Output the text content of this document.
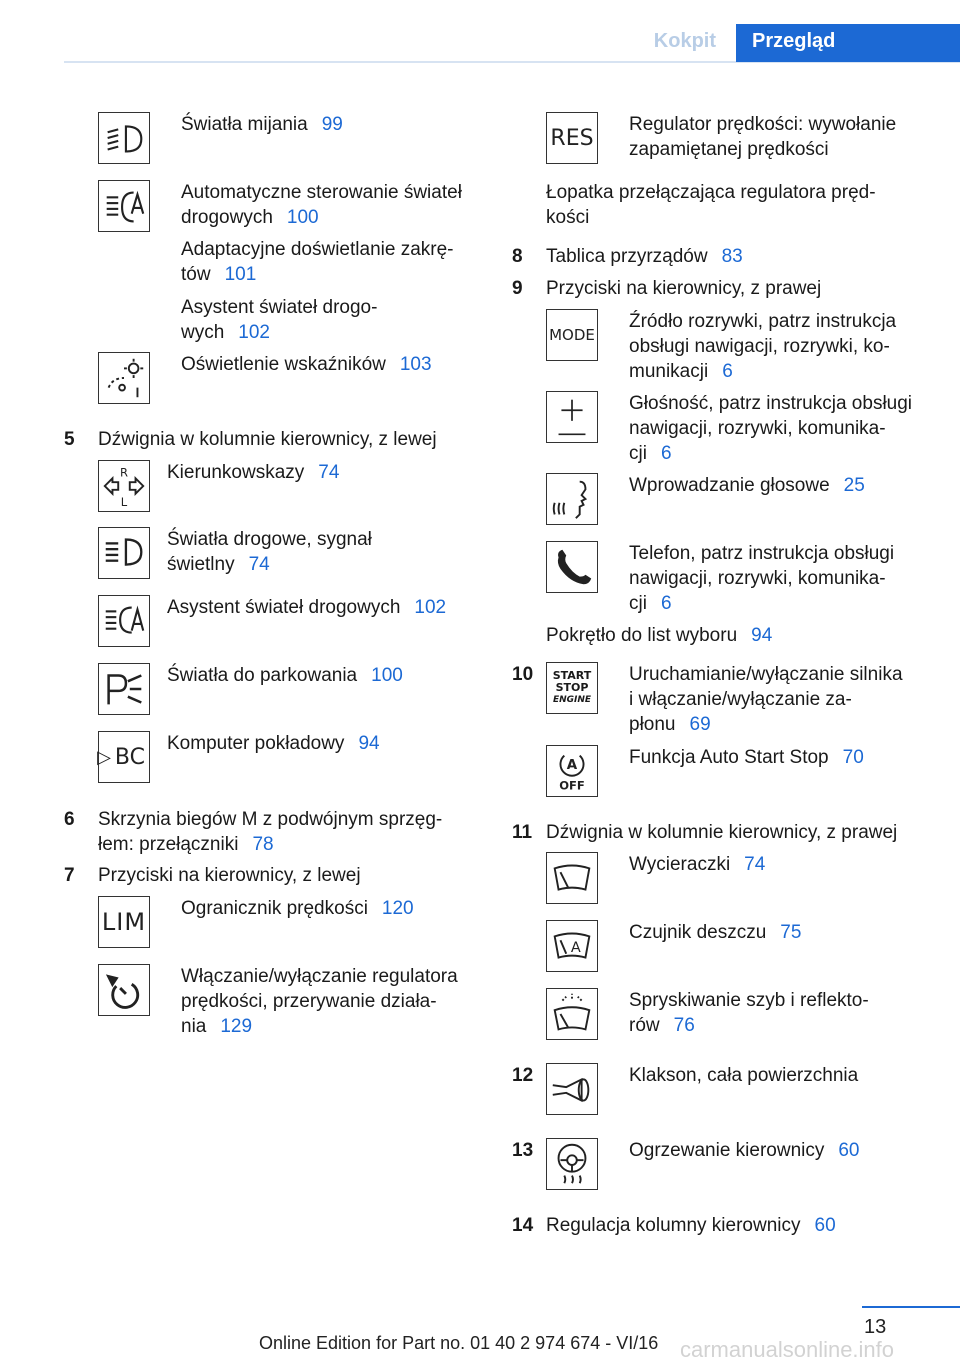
Kokpit	Przegląd
Światła mijania 99
Automatyczne sterowanie świateł
drogowych 100
Adaptacyjne doświetlanie zakrę-
tów 101
Asystent świateł drogo-
wych 102
Oświetlenie wskaźników 103
5 Dźwignia w kolumnie kierownicy, z lewej
R
L
Kierunkowskazy 74
Światła drogowe, sygnał
świetlny 74
Asystent świateł drogowych 102
Światła do parkowania 100
▷ BC
Komputer pokładowy 94
6 Skrzynia biegów M z podwójnym sprzęg-
łem: przełączniki 78
7 Przyciski na kierownicy, z lewej
LIM Ogranicznik prędkości 120
Włączanie/wyłączanie regulatora
prędkości, przerywanie działa-
nia 129
RES
Regulator prędkości: wywołanie
zapamiętanej prędkości
Łopatka przełączająca regulatora pręd-
kości
8 Tablica przyrządów 83
9 Przyciski na kierownicy, z prawej
MODE
Źródło rozrywki, patrz instrukcja
obsługi nawigacji, rozrywki, ko-
munikacji 6
Głośność, patrz instrukcja obsługi
nawigacji, rozrywki, komunika-
cji 6
Wprowadzanie głosowe 25
Telefon, patrz instrukcja obsługi
nawigacji, rozrywki, komunika-
cji 6
Pokrętło do list wyboru 94
10 START
STOP
ENGINE
Uruchamianie/wyłączanie silnika
i włączanie/wyłączanie za-
płonu 69
A
OFF
Funkcja Auto Start Stop 70
11 Dźwignia w kolumnie kierownicy, z prawej
Wycieraczki 74
A
Czujnik deszczu 75
Spryskiwanie szyb i reflekto-
rów 76
12	Klakson, cała powierzchnia
13	Ogrzewanie kierownicy 60
14 Regulacja kolumny kierownicy 60
13
Online Edition for Part no. 01 40 2 974 674 - VI/16 carmanualsonline.info
